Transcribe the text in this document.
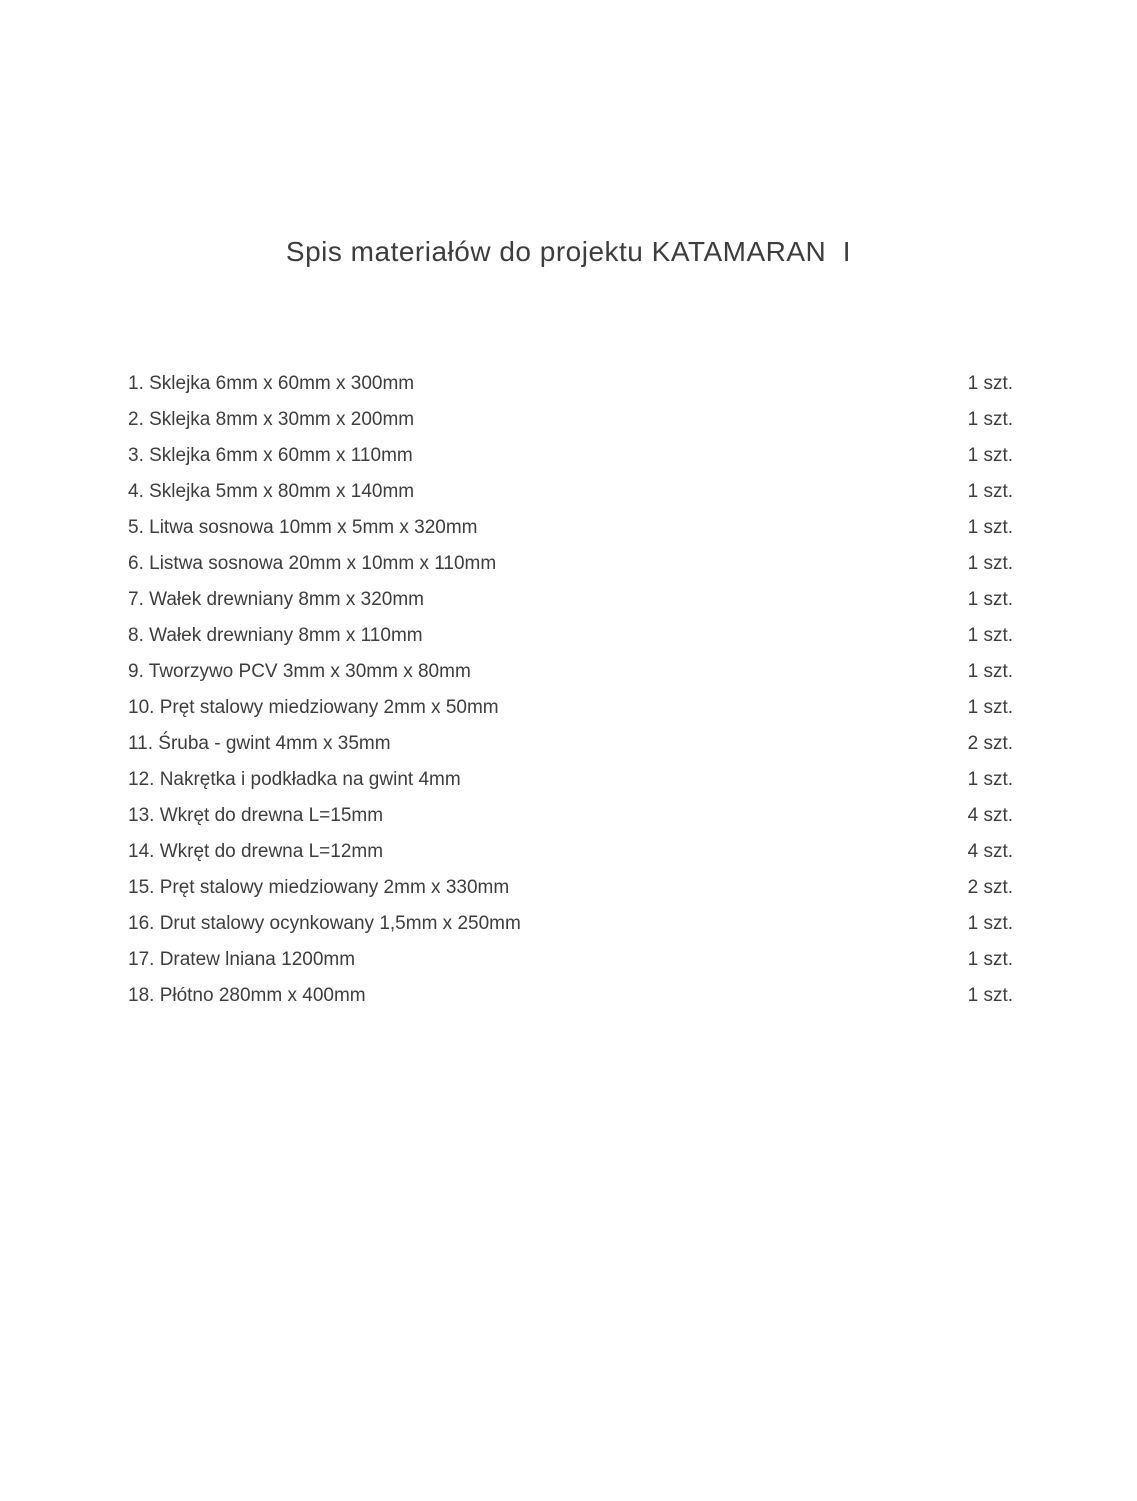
Spis materiałów do projektu KATAMARAN  I
1. Sklejka 6mm x 60mm x 300mm	1 szt.
2. Sklejka 8mm x 30mm x 200mm	1 szt.
3. Sklejka 6mm x 60mm x 110mm	1 szt.
4. Sklejka 5mm x 80mm x 140mm	1 szt.
5. Litwa sosnowa 10mm x 5mm x 320mm	1 szt.
6. Listwa sosnowa 20mm x 10mm x 110mm	1 szt.
7. Wałek drewniany 8mm x 320mm	1 szt.
8. Wałek drewniany 8mm x 110mm	1 szt.
9. Tworzywo PCV 3mm x 30mm x 80mm	1 szt.
10. Pręt stalowy miedziowany 2mm x 50mm	1 szt.
11. Śruba - gwint 4mm x 35mm	2 szt.
12. Nakrętka i podkładka na gwint 4mm	1 szt.
13. Wkręt do drewna L=15mm	4 szt.
14. Wkręt do drewna L=12mm	4 szt.
15. Pręt stalowy miedziowany 2mm x 330mm	2 szt.
16. Drut stalowy ocynkowany 1,5mm x 250mm	1 szt.
17. Dratew lniana 1200mm	1 szt.
18. Płótno 280mm x 400mm	1 szt.
